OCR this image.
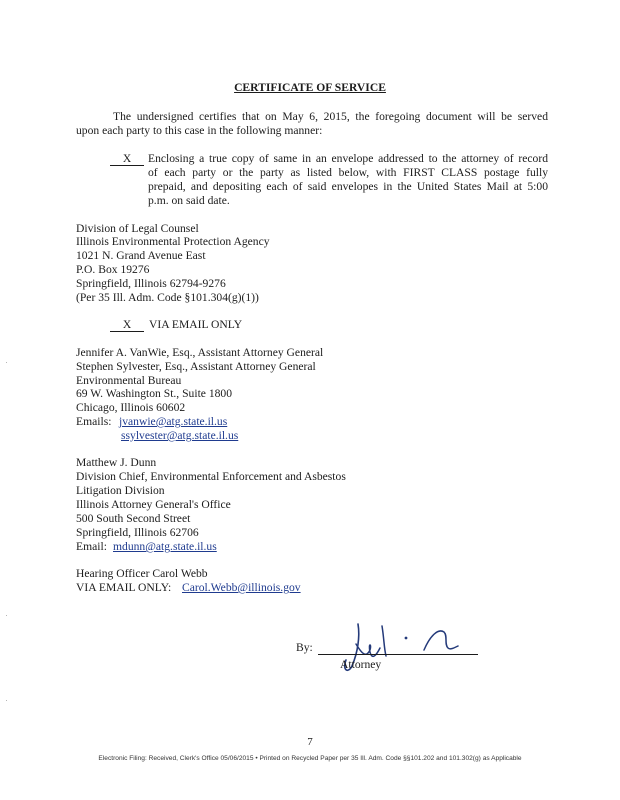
CERTIFICATE OF SERVICE
The undersigned certifies that on May 6, 2015, the foregoing document will be served
upon each party to this case in the following manner:
X	Enclosing a true copy of same in an envelope addressed to the attorney of record
of each party or the party as listed below, with FIRST CLASS postage fully
prepaid, and depositing each of said envelopes in the United States Mail at 5:00
p.m. on said date.
Division of Legal Counsel
Illinois Environmental Protection Agency
1021 N. Grand Avenue East
P.O. Box 19276
Springfield, Illinois 62794-9276
(Per 35 Ill. Adm. Code §101.304(g)(1))
X	VIA EMAIL ONLY
Jennifer A. VanWie, Esq., Assistant Attorney General
Stephen Sylvester, Esq., Assistant Attorney General
Environmental Bureau
69 W. Washington St., Suite 1800
Chicago, Illinois 60602
Emails: jvanwie@atg.state.il.us
ssylvester@atg.state.il.us
Matthew J. Dunn
Division Chief, Environmental Enforcement and Asbestos
Litigation Division
Illinois Attorney General's Office
500 South Second Street
Springfield, Illinois 62706
Email: mdunn@atg.state.il.us
Hearing Officer Carol Webb
VIA EMAIL ONLY: Carol.Webb@illinois.gov
By:
Attorney
7
Electronic Filing: Received, Clerk's Office 05/06/2015 • Printed on Recycled Paper per 35 Ill. Adm. Code §§101.202 and 101.302(g) as Applicable
